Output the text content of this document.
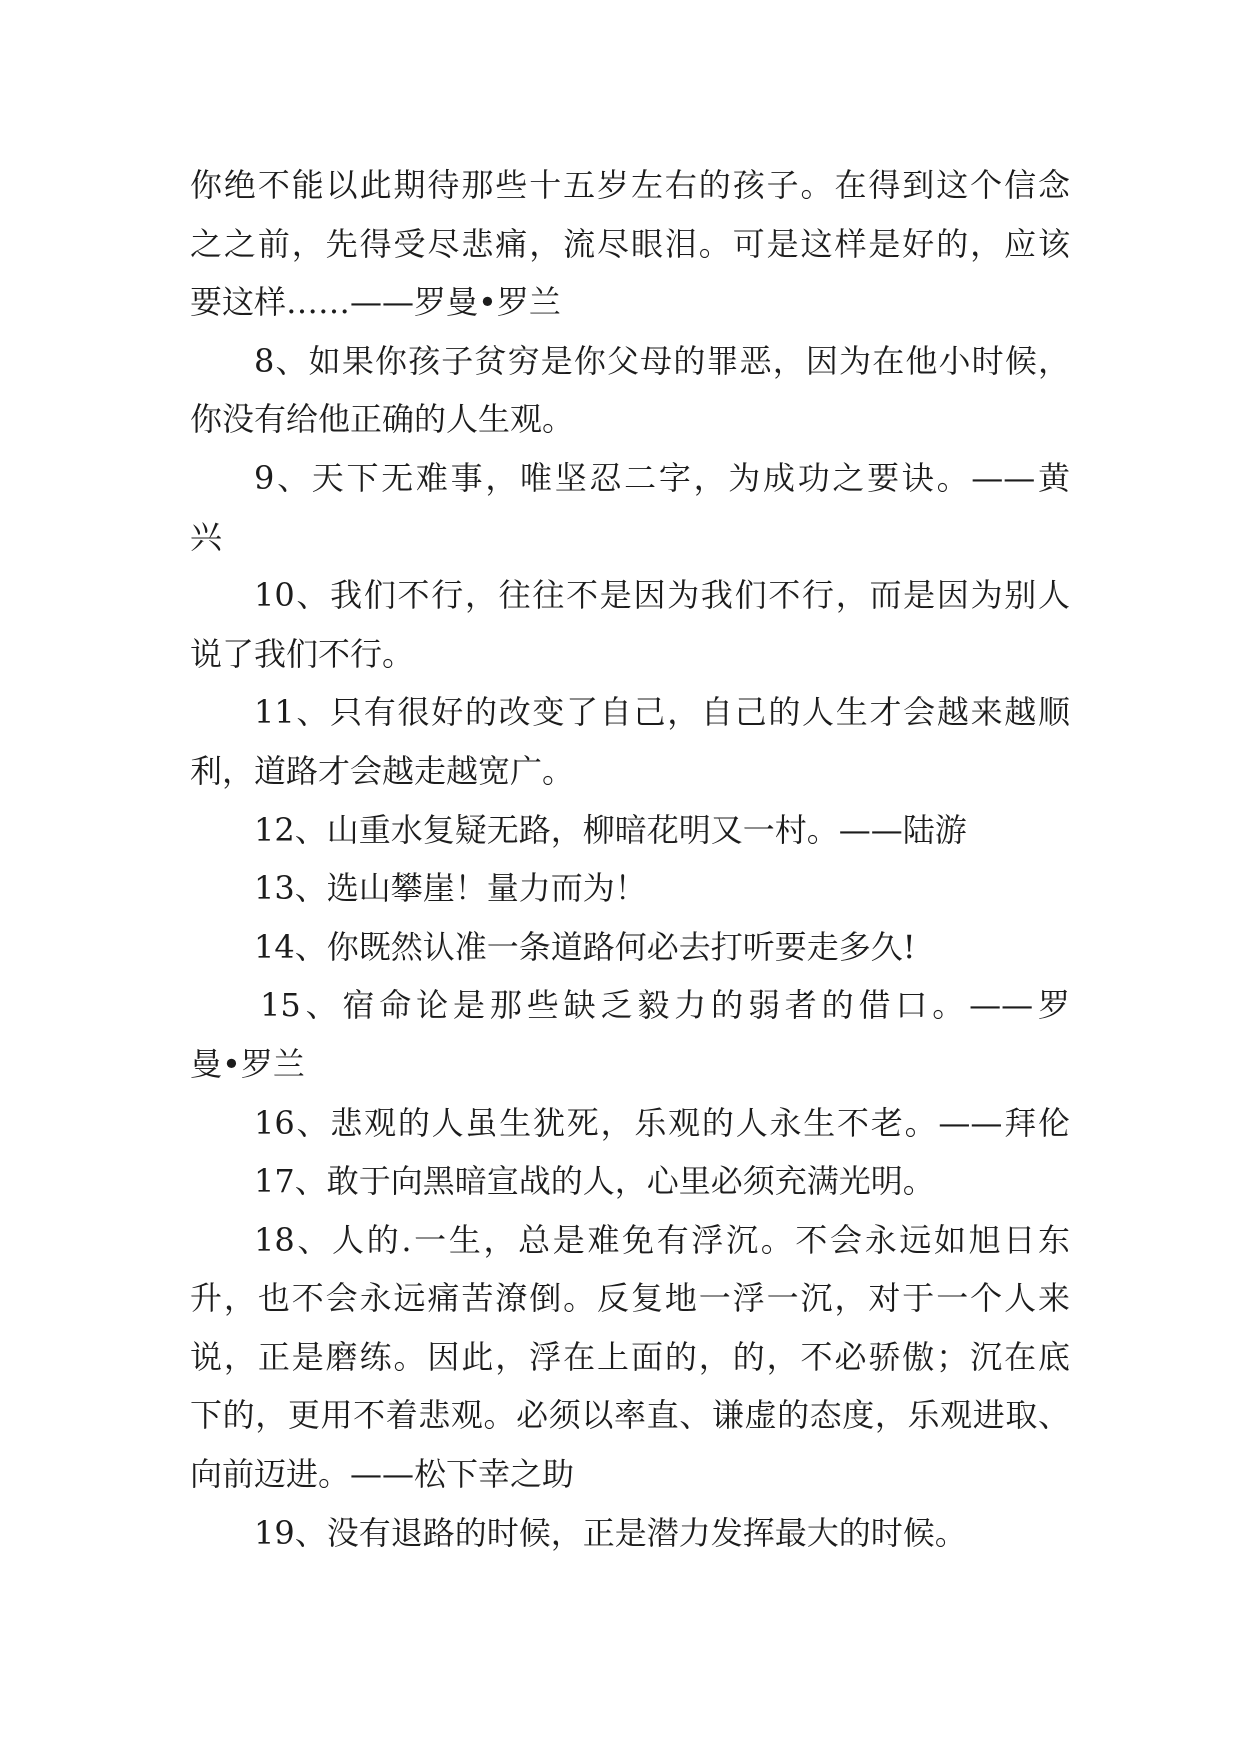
你绝不能以此期待那些十五岁左右的孩子。在得到这个信念
之之前，先得受尽悲痛，流尽眼泪。可是这样是好的，应该
要这样……——罗曼•罗兰
8、如果你孩子贫穷是你父母的罪恶，因为在他小时候，
你没有给他正确的人生观。
9、天下无难事，唯坚忍二字，为成功之要诀。——黄
兴
10、我们不行，往往不是因为我们不行，而是因为别人
说了我们不行。
11、只有很好的改变了自己，自己的人生才会越来越顺
利，道路才会越走越宽广。
12、山重水复疑无路，柳暗花明又一村。——陆游
13、选山攀崖！量力而为！
14、你既然认准一条道路何必去打听要走多久!
15、宿命论是那些缺乏毅力的弱者的借口。——罗
曼•罗兰
16、悲观的人虽生犹死，乐观的人永生不老。——拜伦
17、敢于向黑暗宣战的人，心里必须充满光明。
18、人的.一生，总是难免有浮沉。不会永远如旭日东
升，也不会永远痛苦潦倒。反复地一浮一沉，对于一个人来
说，正是磨练。因此，浮在上面的，的，不必骄傲；沉在底
下的，更用不着悲观。必须以率直、谦虚的态度，乐观进取、
向前迈进。——松下幸之助
19、没有退路的时候，正是潜力发挥最大的时候。
